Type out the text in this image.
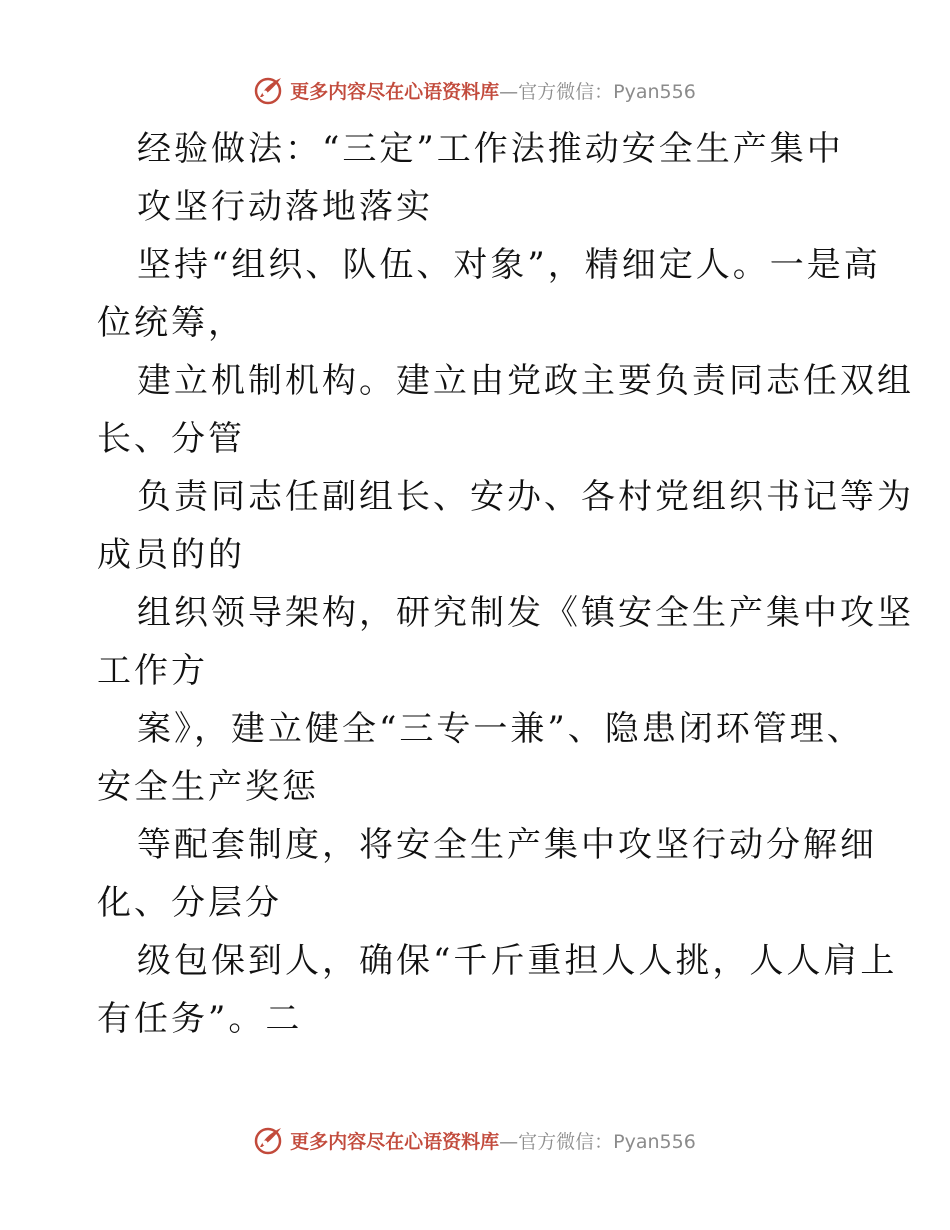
更多内容尽在心语资料库—官方微信：Pyan556
经验做法：“三定”工作法推动安全生产集中
攻坚行动落地落实
坚持“组织、队伍、对象”，精细定人。一是高
位统筹，
建立机制机构。建立由党政主要负责同志任双组
长、分管
负责同志任副组长、安办、各村党组织书记等为
成员的的
组织领导架构，研究制发《镇安全生产集中攻坚
工作方
案》，建立健全“三专一兼”、隐患闭环管理、
安全生产奖惩
等配套制度，将安全生产集中攻坚行动分解细
化、分层分
级包保到人，确保“千斤重担人人挑，人人肩上
有任务”。二
更多内容尽在心语资料库—官方微信：Pyan556
